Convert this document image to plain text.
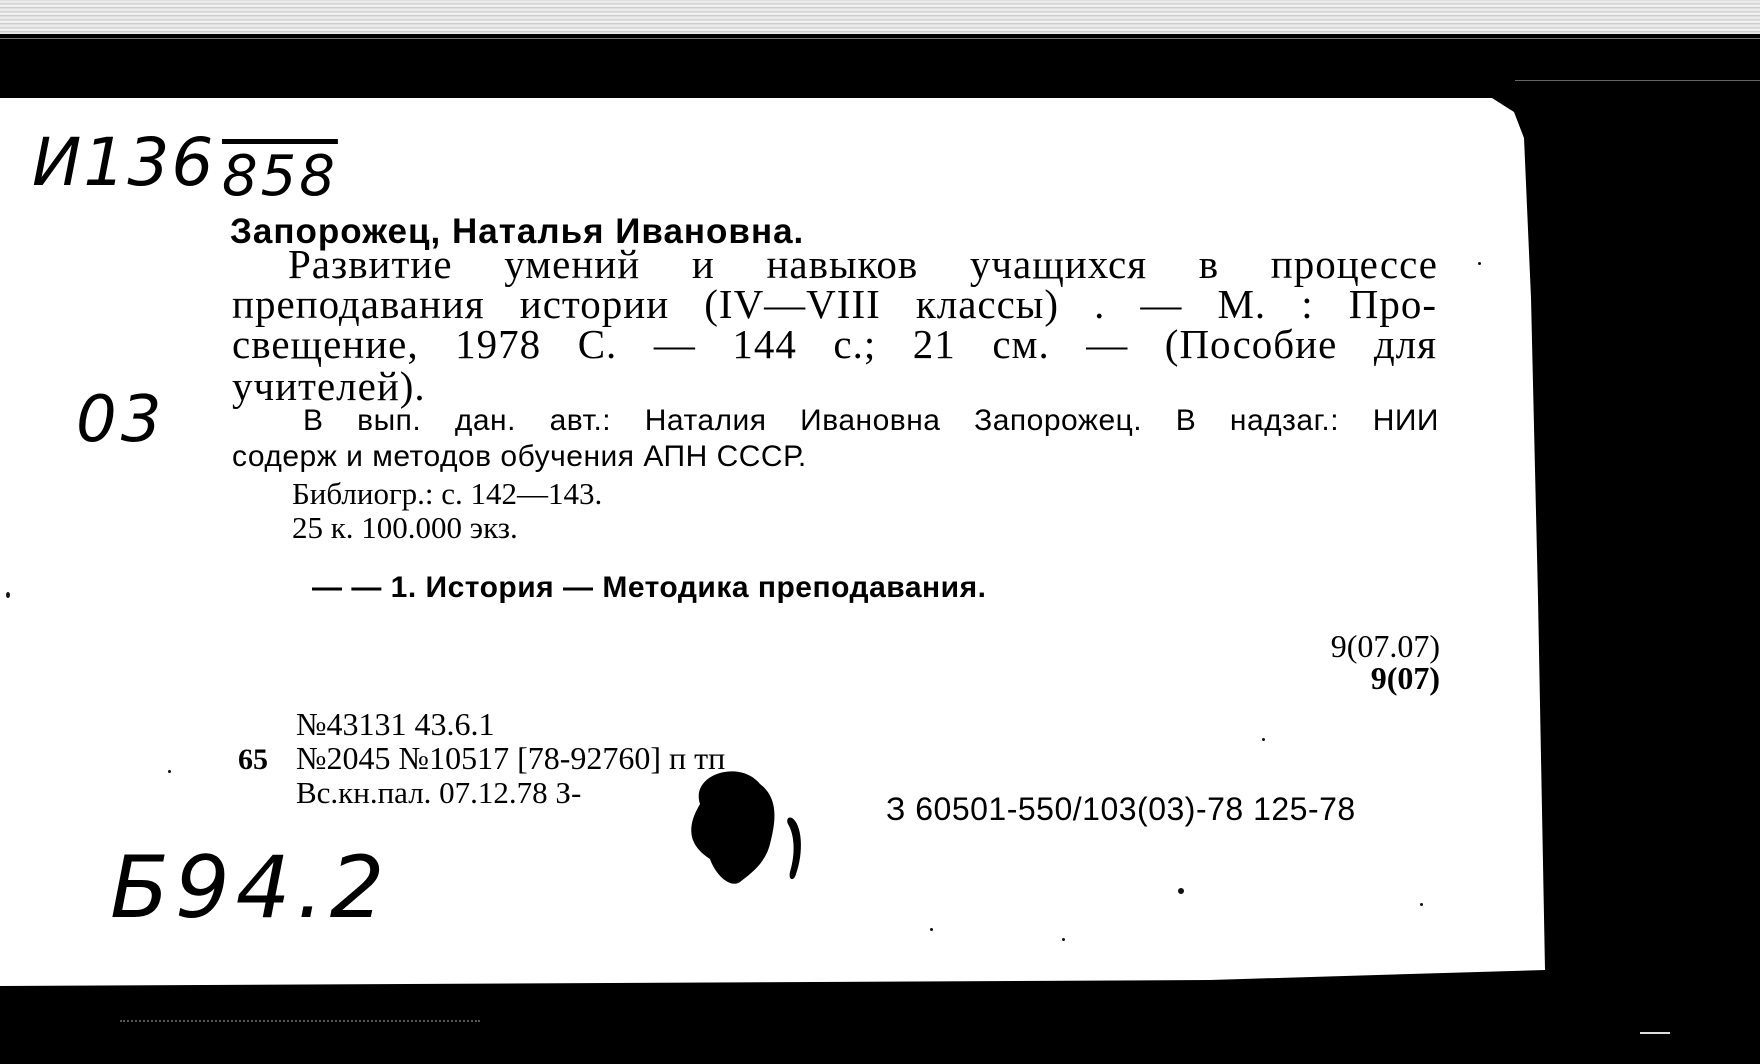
И136 858
Запорожец, Наталья Ивановна.
Развитие умений и навыков учащихся в процессе
преподавания истории (IV—VIII классы) . — М. : Про-
свещение, 1978 С. — 144 с.; 21 см. — (Пособие для
учителей).
03	В вып. дан. авт.: Наталия Ивановна Запорожец. В надзаг.: НИИ
содерж и методов обучения АПН СССР.
Библиогр.: с. 142—143.
25 к. 100.000 экз.
— — 1. История — Методика преподавания.
9(07.07)
9(07)
№43131 43.6.1
65 №2045 №10517 [78-92760] п тп
Вс.кн.пал. 07.12.78 З-	З 60501-550/103(03)-78 125-78
Б94.2
